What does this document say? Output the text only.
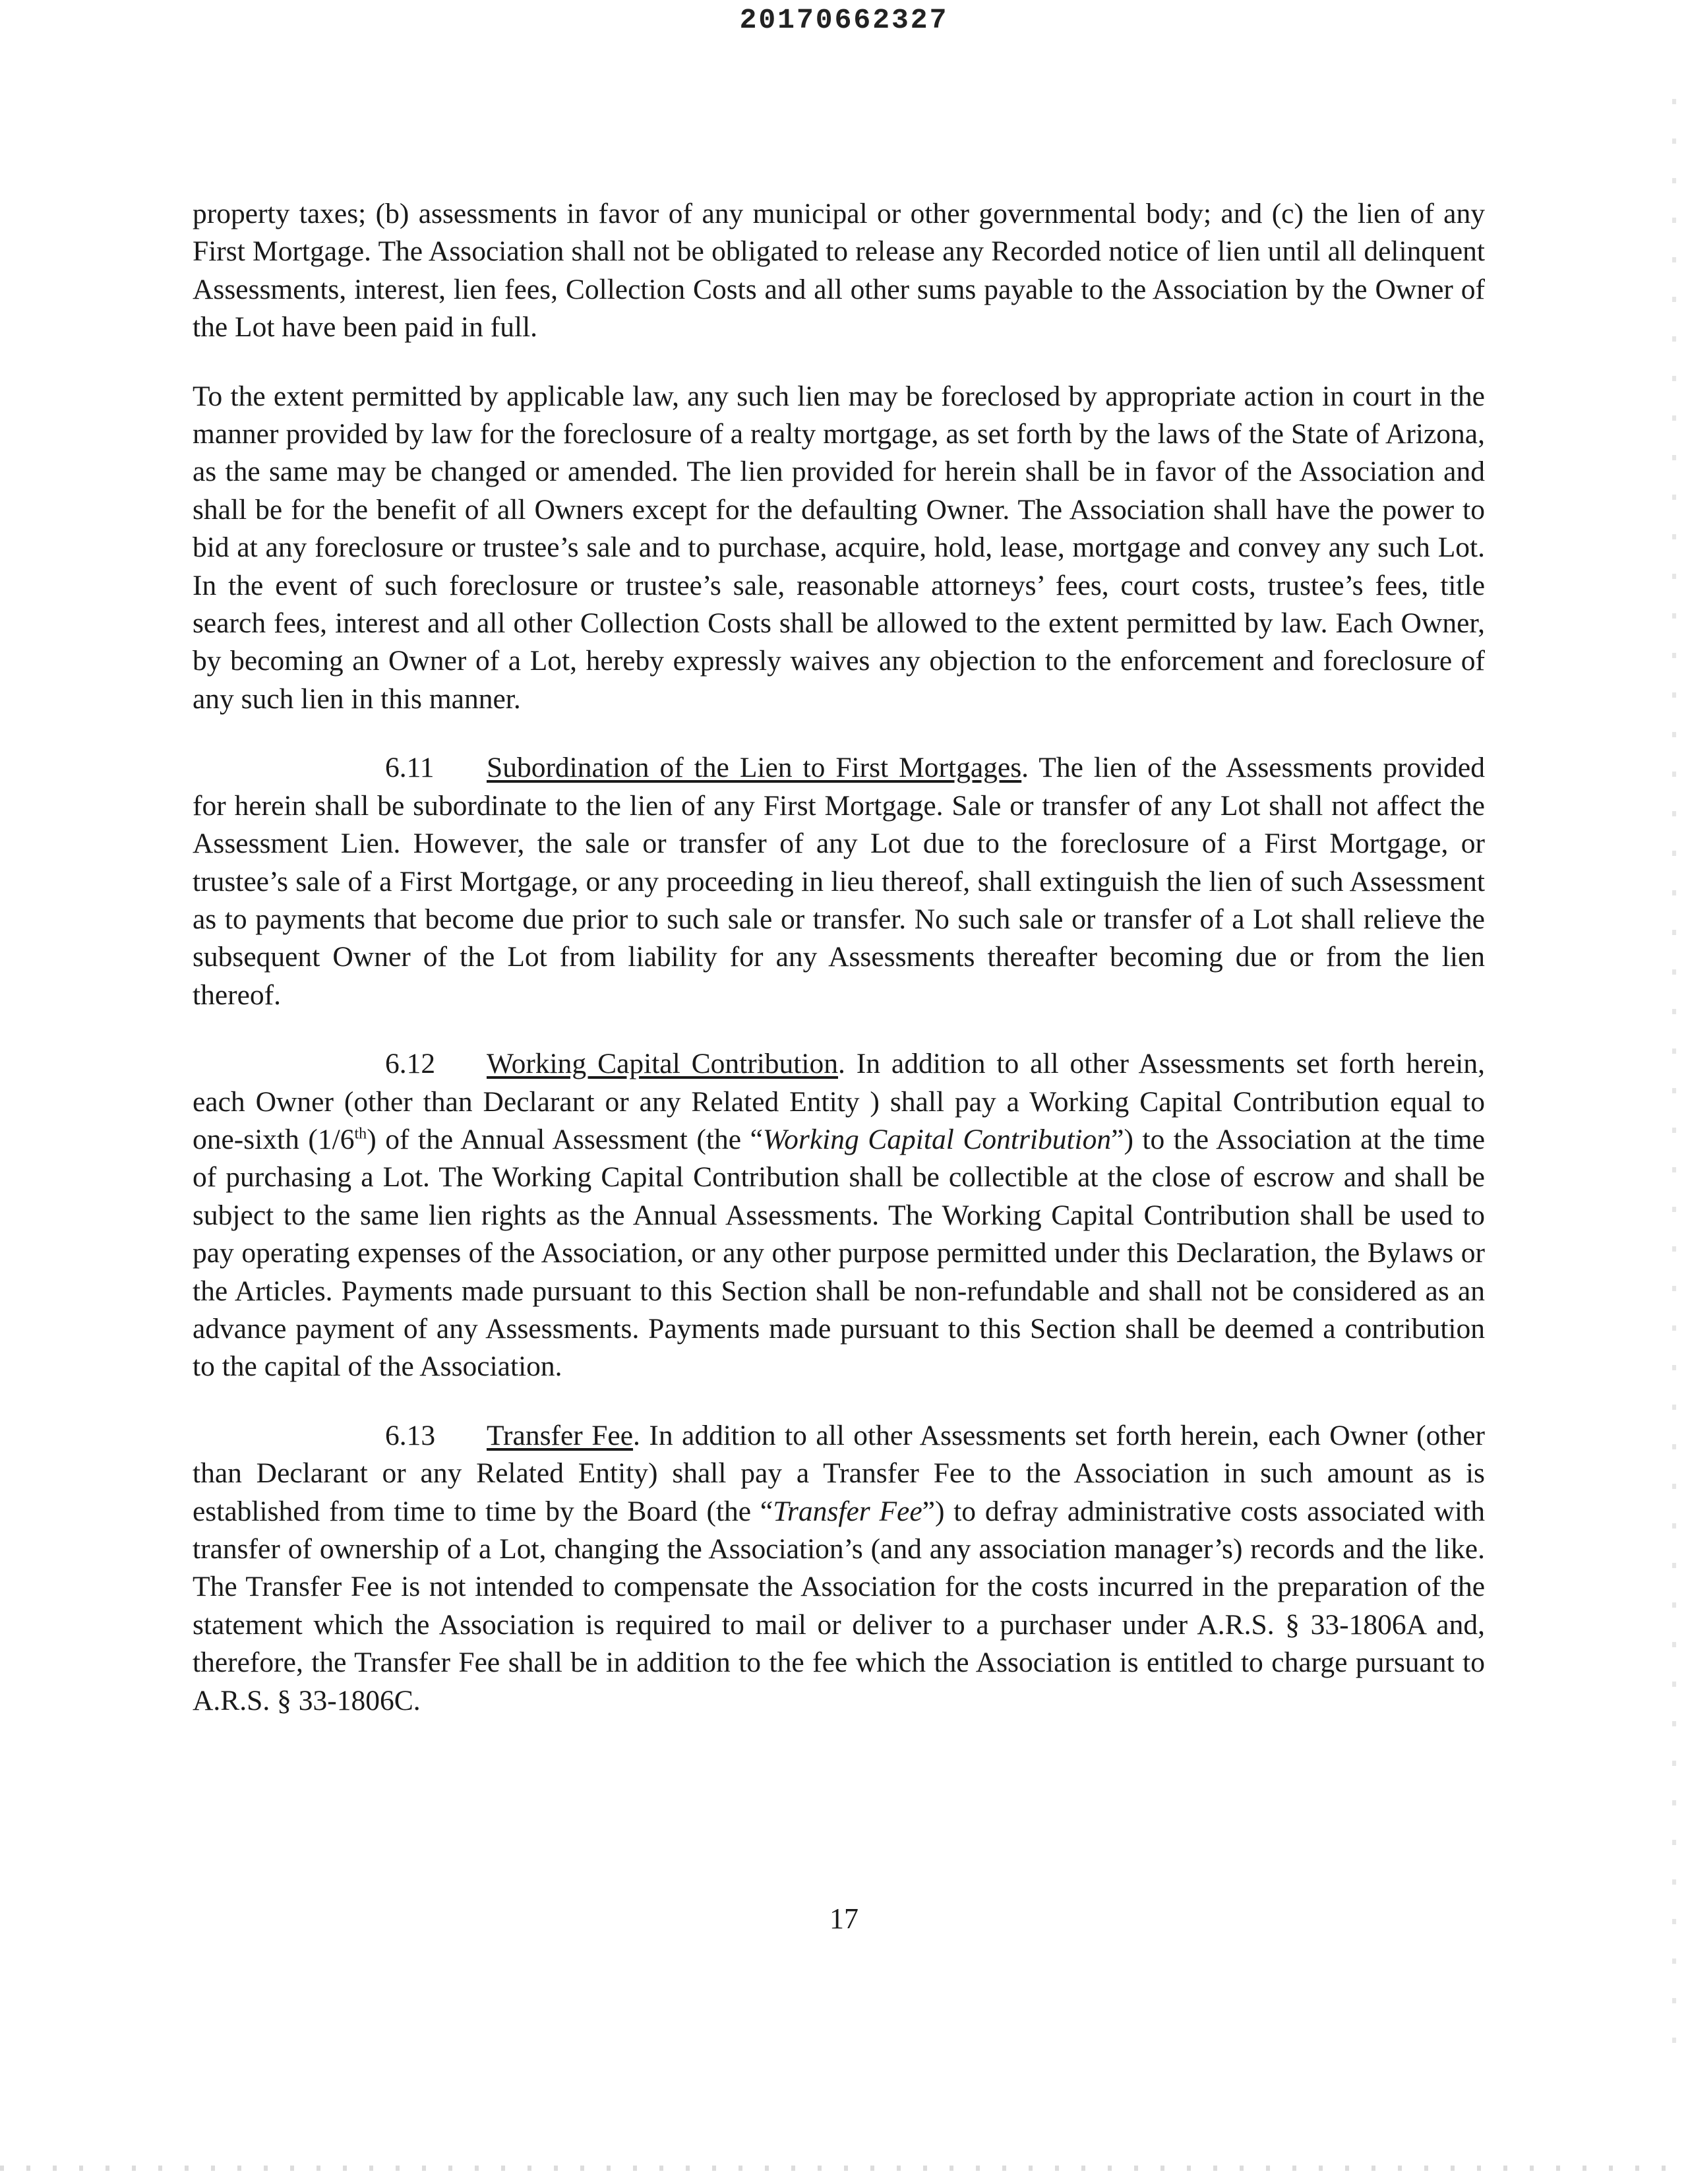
20170662327

property taxes; (b) assessments in favor of any municipal or other governmental body; and (c) the lien of any First Mortgage. The Association shall not be obligated to release any Recorded notice of lien until all delinquent Assessments, interest, lien fees, Collection Costs and all other sums payable to the Association by the Owner of the Lot have been paid in full.

To the extent permitted by applicable law, any such lien may be foreclosed by appropriate action in court in the manner provided by law for the foreclosure of a realty mortgage, as set forth by the laws of the State of Arizona, as the same may be changed or amended. The lien provided for herein shall be in favor of the Association and shall be for the benefit of all Owners except for the defaulting Owner. The Association shall have the power to bid at any foreclosure or trustee’s sale and to purchase, acquire, hold, lease, mortgage and convey any such Lot. In the event of such foreclosure or trustee’s sale, reasonable attorneys’ fees, court costs, trustee’s fees, title search fees, interest and all other Collection Costs shall be allowed to the extent permitted by law. Each Owner, by becoming an Owner of a Lot, hereby expressly waives any objection to the enforcement and foreclosure of any such lien in this manner.

6.11 Subordination of the Lien to First Mortgages. The lien of the Assessments provided for herein shall be subordinate to the lien of any First Mortgage. Sale or transfer of any Lot shall not affect the Assessment Lien. However, the sale or transfer of any Lot due to the foreclosure of a First Mortgage, or trustee’s sale of a First Mortgage, or any proceeding in lieu thereof, shall extinguish the lien of such Assessment as to payments that become due prior to such sale or transfer. No such sale or transfer of a Lot shall relieve the subsequent Owner of the Lot from liability for any Assessments thereafter becoming due or from the lien thereof.

6.12 Working Capital Contribution. In addition to all other Assessments set forth herein, each Owner (other than Declarant or any Related Entity ) shall pay a Working Capital Contribution equal to one-sixth (1/6th) of the Annual Assessment (the “Working Capital Contribution”) to the Association at the time of purchasing a Lot. The Working Capital Contribution shall be collectible at the close of escrow and shall be subject to the same lien rights as the Annual Assessments. The Working Capital Contribution shall be used to pay operating expenses of the Association, or any other purpose permitted under this Declaration, the Bylaws or the Articles. Payments made pursuant to this Section shall be non-refundable and shall not be considered as an advance payment of any Assessments. Payments made pursuant to this Section shall be deemed a contribution to the capital of the Association.

6.13 Transfer Fee. In addition to all other Assessments set forth herein, each Owner (other than Declarant or any Related Entity) shall pay a Transfer Fee to the Association in such amount as is established from time to time by the Board (the “Transfer Fee”) to defray administrative costs associated with transfer of ownership of a Lot, changing the Association’s (and any association manager’s) records and the like. The Transfer Fee is not intended to compensate the Association for the costs incurred in the preparation of the statement which the Association is required to mail or deliver to a purchaser under A.R.S. § 33-1806A and, therefore, the Transfer Fee shall be in addition to the fee which the Association is entitled to charge pursuant to A.R.S. § 33-1806C.

17
